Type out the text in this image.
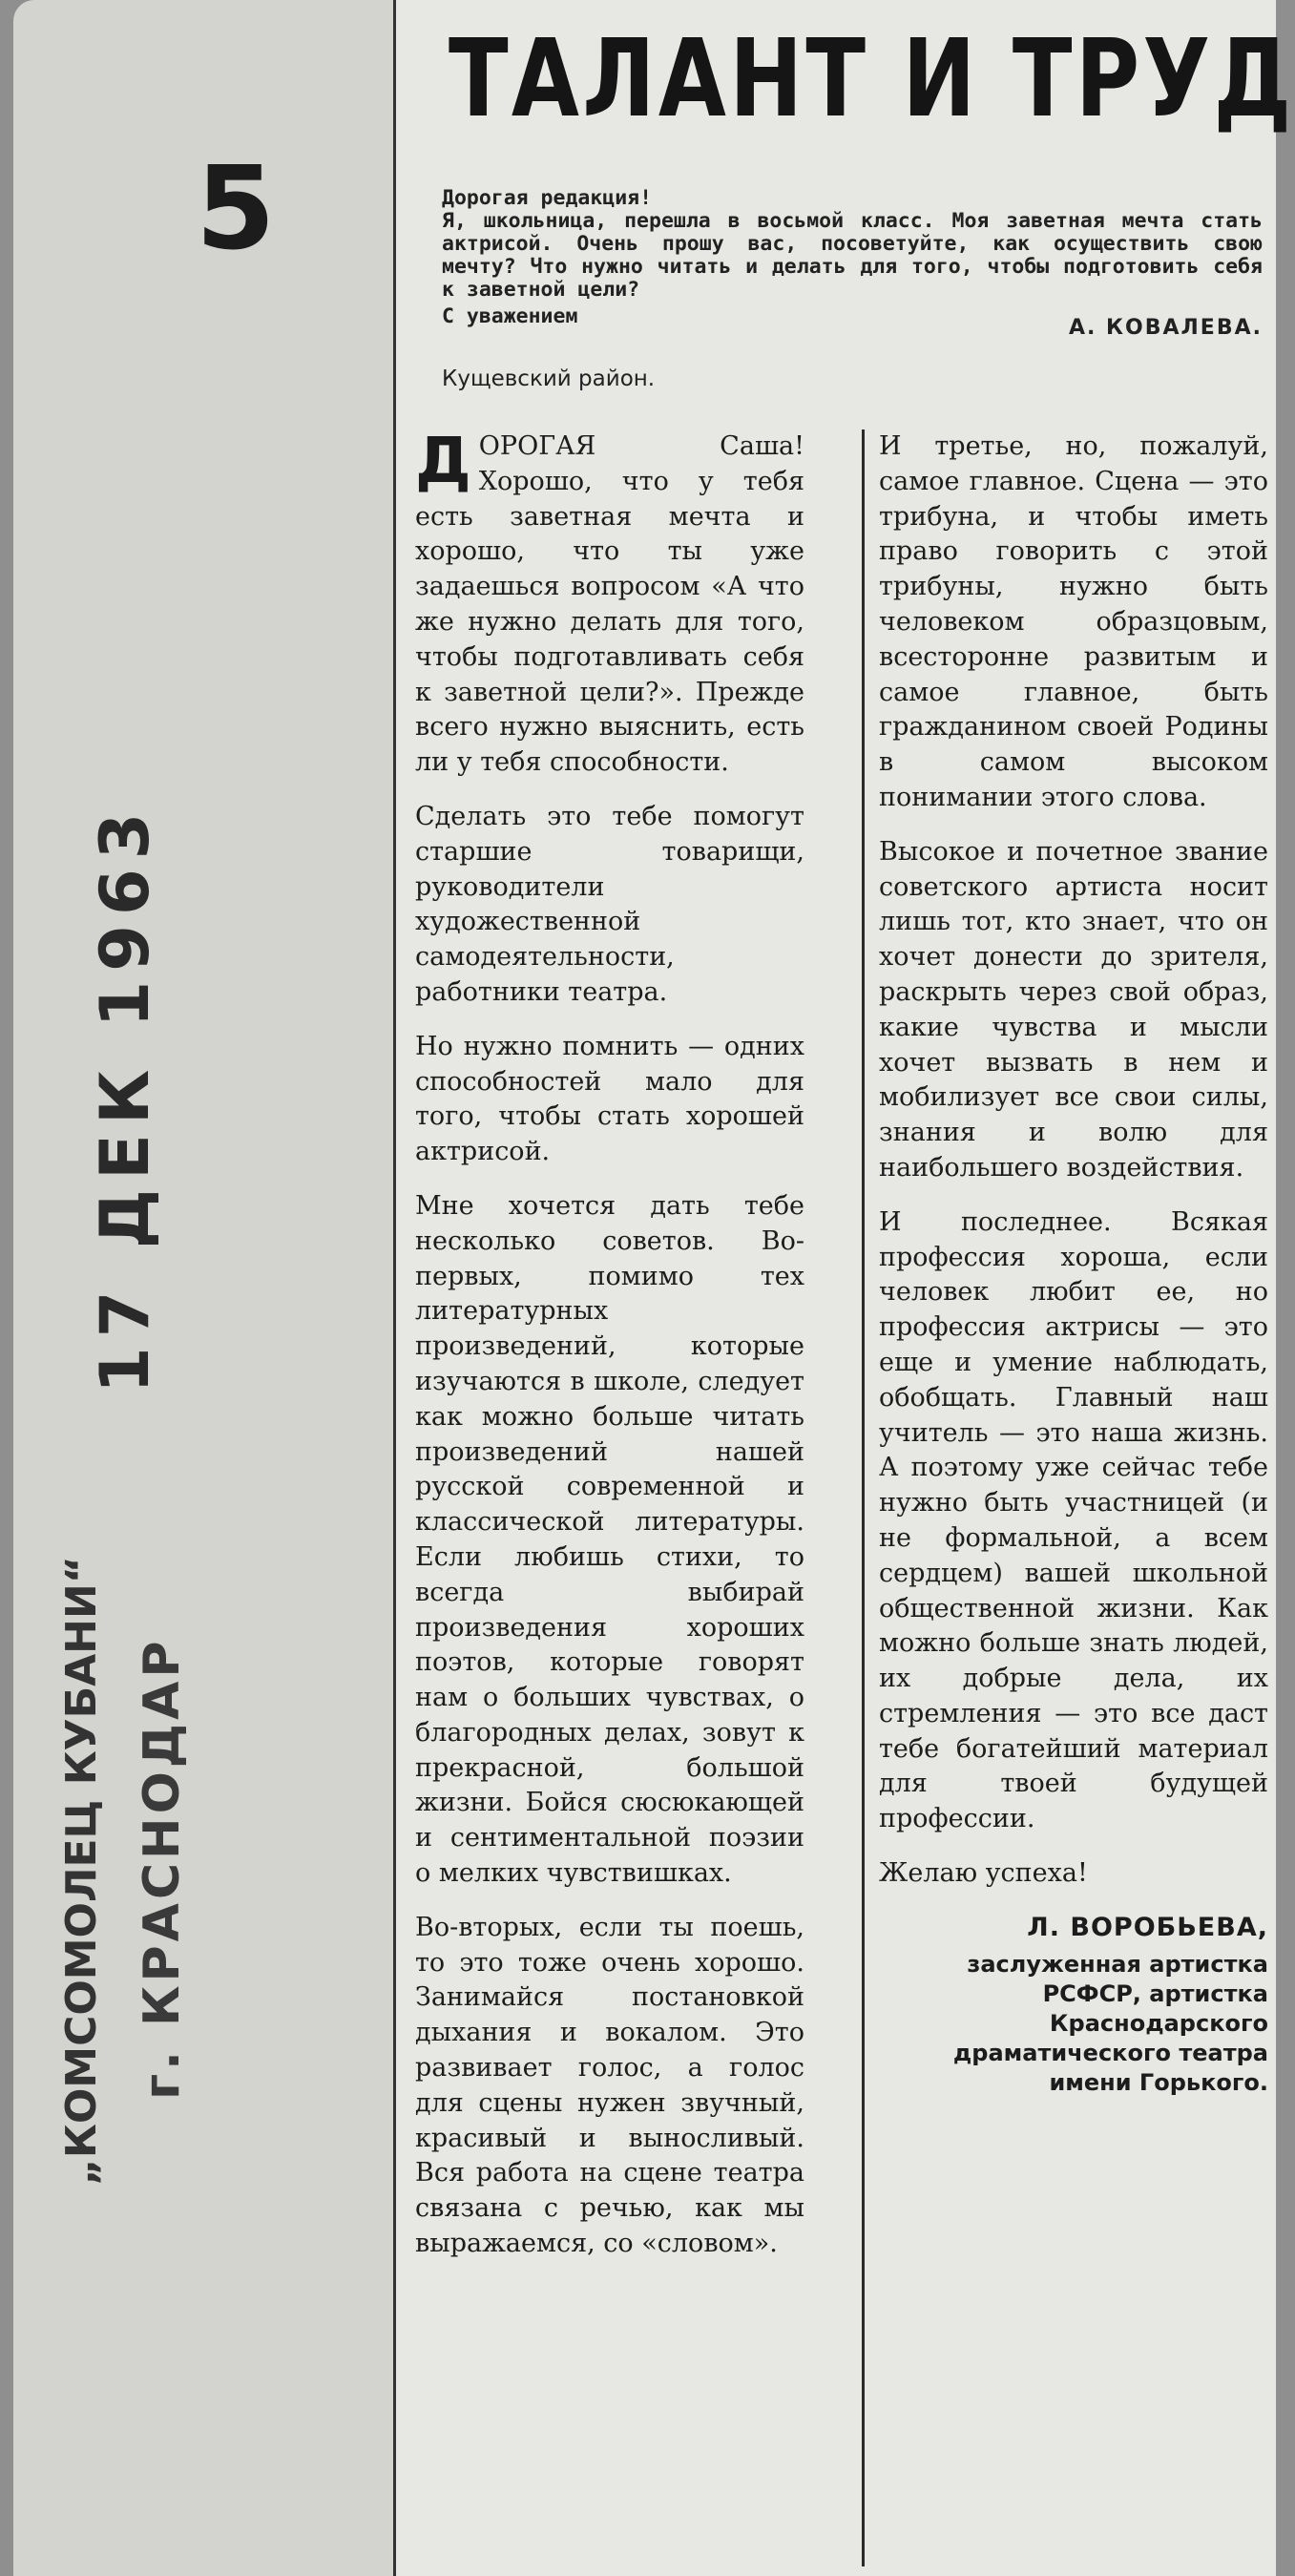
5
17 ДЕК 1963
„КОМСОМОЛЕЦ КУБАНИ“ г. КРАСНОДАР
ТАЛАНТ И ТРУД

Дорогая редакция!

Я, школьница, перешла в восьмой класс. Моя заветная мечта стать актрисой. Очень прошу вас, посоветуйте, как осуществить свою мечту? Что нужно читать и делать для того, чтобы подготовить себя к заветной цели?

С уважением	А. КОВАЛЕВА.
Кущевский район.

ДОРОГАЯ Саша! Хорошо, что у тебя есть заветная мечта и хорошо, что ты уже задаешься вопросом «А что же нужно делать для того, чтобы подготавливать себя к заветной цели?». Прежде всего нужно выяснить, есть ли у тебя способности.

Сделать это тебе помогут старшие товарищи, руководители художественной самодеятельности, работники театра.

Но нужно помнить — одних способностей мало для того, чтобы стать хорошей актрисой.

Мне хочется дать тебе несколько советов. Во-первых, помимо тех литературных произведений, которые изучаются в школе, следует как можно больше читать произведений нашей русской современной и классической литературы. Если любишь стихи, то всегда выбирай произведения хороших поэтов, которые говорят нам о больших чувствах, о благородных делах, зовут к прекрасной, большой жизни. Бойся сюсюкающей и сентиментальной поэзии о мелких чувствишках.

Во-вторых, если ты поешь, то это тоже очень хорошо. Занимайся постановкой дыхания и вокалом. Это развивает голос, а голос для сцены нужен звучный, красивый и выносливый. Вся работа на сцене театра связана с речью, как мы выражаемся, со «словом».

И третье, но, пожалуй, самое главное. Сцена — это трибуна, и чтобы иметь право говорить с этой трибуны, нужно быть человеком образцовым, всесторонне развитым и самое главное, быть гражданином своей Родины в самом высоком понимании этого слова.

Высокое и почетное звание советского артиста носит лишь тот, кто знает, что он хочет донести до зрителя, раскрыть через свой образ, какие чувства и мысли хочет вызвать в нем и мобилизует все свои силы, знания и волю для наибольшего воздействия.

И последнее. Всякая профессия хороша, если человек любит ее, но профессия актрисы — это еще и умение наблюдать, обобщать. Главный наш учитель — это наша жизнь. А поэтому уже сейчас тебе нужно быть участницей (и не формальной, а всем сердцем) вашей школьной общественной жизни. Как можно больше знать людей, их добрые дела, их стремления — это все даст тебе богатейший материал для твоей будущей профессии.

Желаю успеха!

Л. ВОРОБЬЕВА,

заслуженная артистка РСФСР, артистка Краснодарского драматического театра имени Горького.
